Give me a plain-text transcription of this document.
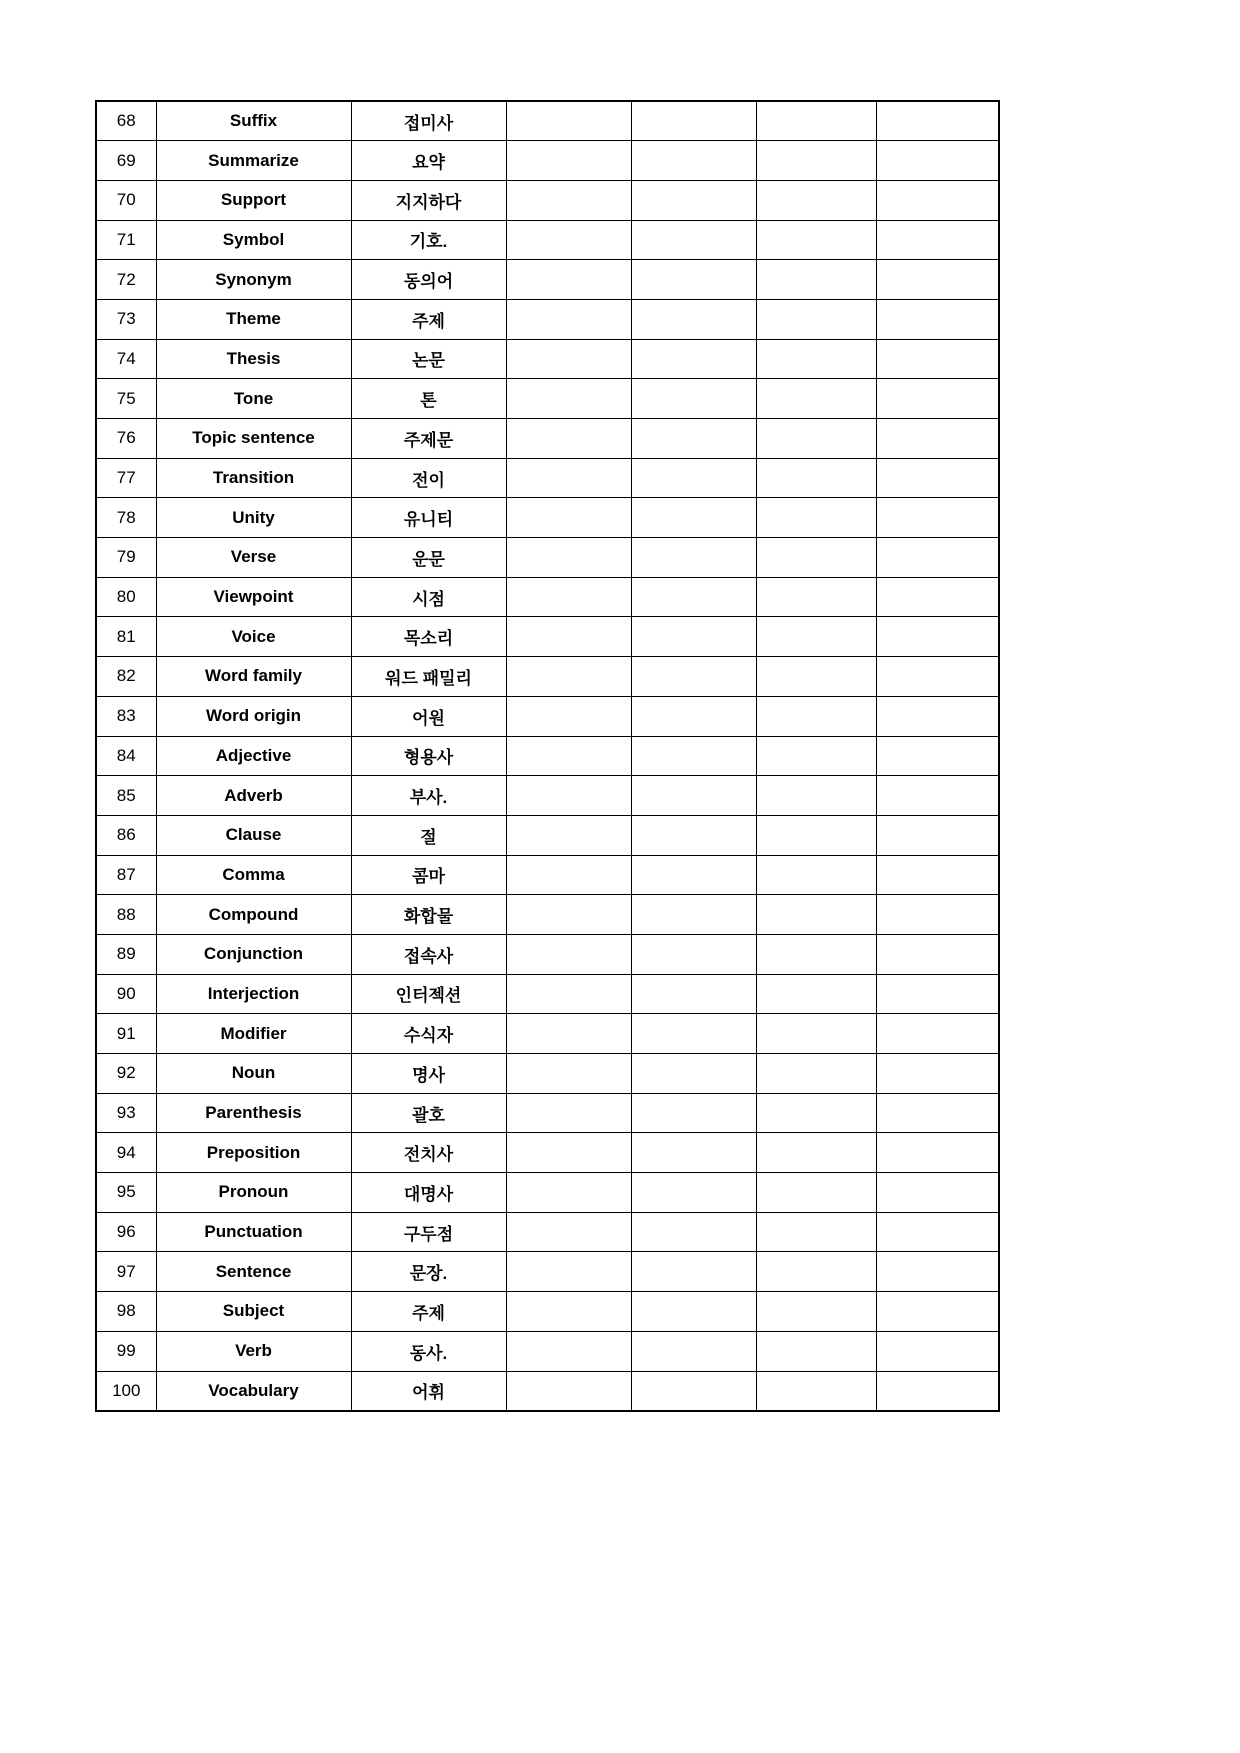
68	Suffix	접미사				
69	Summarize	요약				
70	Support	지지하다				
71	Symbol	기호.				
72	Synonym	동의어				
73	Theme	주제				
74	Thesis	논문				
75	Tone	톤				
76	Topic sentence	주제문				
77	Transition	전이				
78	Unity	유니티				
79	Verse	운문				
80	Viewpoint	시점				
81	Voice	목소리				
82	Word family	워드 패밀리				
83	Word origin	어원				
84	Adjective	형용사				
85	Adverb	부사.				
86	Clause	절				
87	Comma	콤마				
88	Compound	화합물				
89	Conjunction	접속사				
90	Interjection	인터젝션				
91	Modifier	수식자				
92	Noun	명사				
93	Parenthesis	괄호				
94	Preposition	전치사				
95	Pronoun	대명사				
96	Punctuation	구두점				
97	Sentence	문장.				
98	Subject	주제				
99	Verb	동사.				
100	Vocabulary	어휘				
